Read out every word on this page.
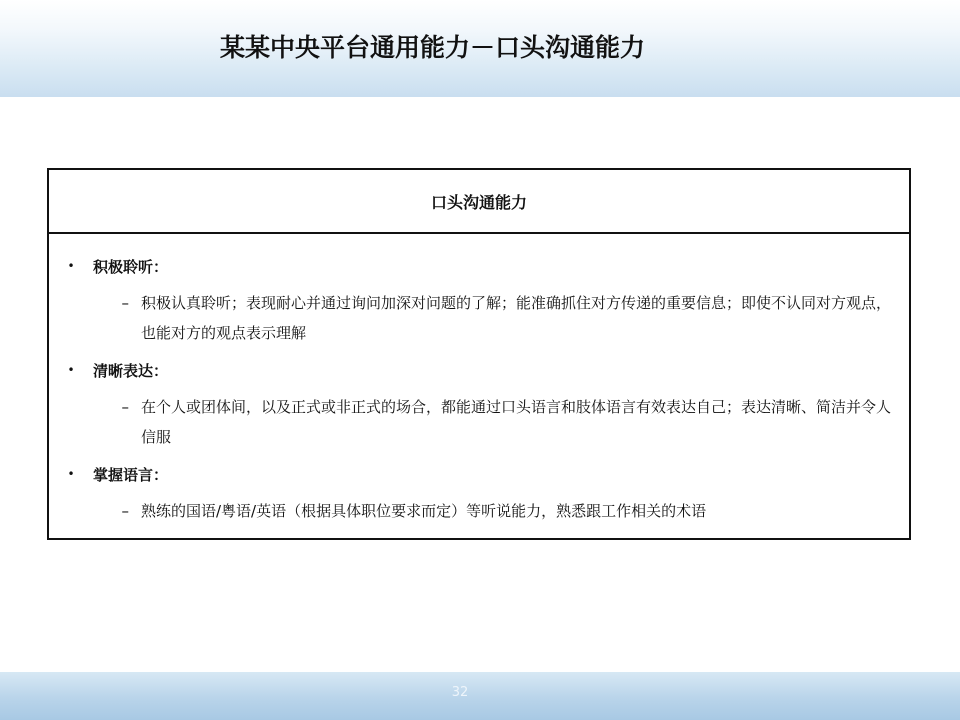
某某中央平台通用能力－口头沟通能力
口头沟通能力
•	积极聆听：
– 积极认真聆听；表现耐心并通过询问加深对问题的了解；能准确抓住对方传递的重要信息；即使不认同对方观点，也能对方的观点表示理解
•	清晰表达：
– 在个人或团体间，以及正式或非正式的场合，都能通过口头语言和肢体语言有效表达自己；表达清晰、简洁并令人信服
•	掌握语言：
– 熟练的国语/粤语/英语（根据具体职位要求而定）等听说能力，熟悉跟工作相关的术语
32
